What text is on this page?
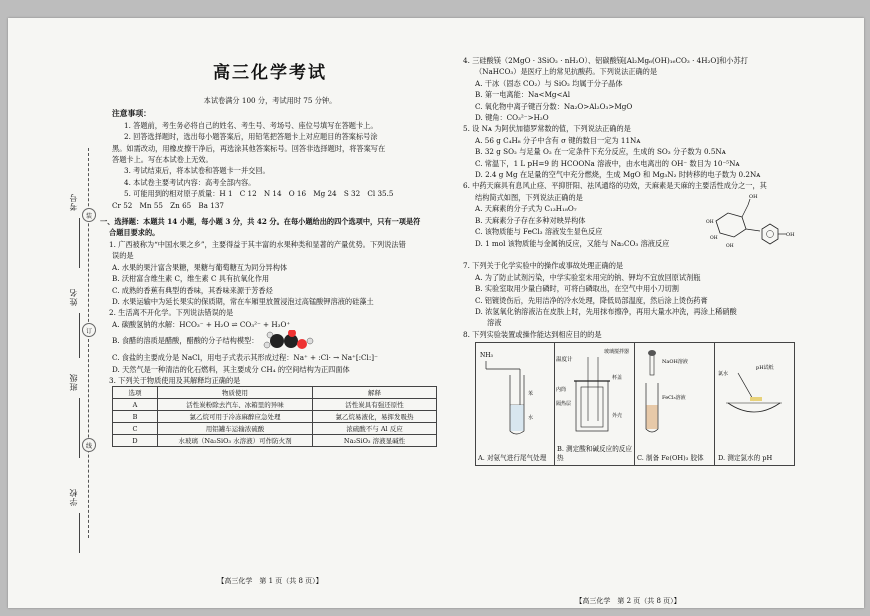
考号
姓名
班级
学校
装
订
线
高三化学考试
本试卷满分 100 分，考试用时 75 分钟。
注意事项：
1. 答题前，考生务必将自己的姓名、考生号、考场号、座位号填写在答题卡上。
2. 回答选择题时，选出每小题答案后，用铅笔把答题卡上对应题目的答案标号涂
黑。如需改动，用橡皮擦干净后，再选涂其他答案标号。回答非选择题时，将答案写在
答题卡上。写在本试卷上无效。
3. 考试结束后，将本试卷和答题卡一并交回。
4. 本试卷主要考试内容：高考全部内容。
5. 可能用到的相对原子质量：H 1　C 12　N 14　O 16　Mg 24　S 32　Cl 35.5
Cr 52　Mn 55　Zn 65　Ba 137
一、选择题：本题共 14 小题，每小题 3 分，共 42 分。在每小题给出的四个选项中，只有一项是符
合题目要求的。
1. 广西被称为“中国水果之乡”，主要得益于其丰富的水果种类和显著的产量优势。下列说法错
误的是
A. 水果的果汁富含果糖，果糖与葡萄糖互为同分异构体
B. 沃柑富含维生素 C，维生素 C 具有抗氧化作用
C. 成熟的香蕉有典型的香味，其香味来源于芳香烃
D. 水果运输中为延长果实的保质期，常在车厢里放置浸泡过高锰酸钾溶液的硅藻土
2. 生活离不开化学。下列说法错误的是
A. 碳酸氢钠的水解：HCO₃⁻ + H₂O ⇌ CO₃²⁻ + H₃O⁺
B. 食醋的溶质是醋酸，醋酸的分子结构模型：
C. 食盐的主要成分是 NaCl，用电子式表示其形成过程：Na⁺ + :Cl· → Na⁺[:Cl:]⁻
D. 天然气是一种清洁的化石燃料，其主要成分 CH₄ 的空间结构为正四面体
3. 下列关于物质使用及其解释均正确的是
选项	物质使用	解释
A	活性炭粉除去汽车、冰箱里的异味	活性炭具有强还原性
B	氯乙烷可用于冷冻麻醉应急处理	氯乙烷易液化，易挥发吸热
C	用铝罐车运输浓硫酸	浓硫酸不与 Al 反应
D	水玻璃（Na₂SiO₃ 水溶液）可作防火剂	Na₂SiO₃ 溶液显碱性
【高三化学　第 1 页（共 8 页）】
4. 三硅酸镁（2MgO · 3SiO₂ · nH₂O）、铝碳酸镁[Al₂Mg₆(OH)₁₆CO₃ · 4H₂O]和小苏打
（NaHCO₃）是医疗上的常见抗酸药。下列说法正确的是
A. 干冰（固态 CO₂）与 SiO₂ 均属于分子晶体
B. 第一电离能：Na<Mg<Al
C. 氧化物中离子键百分数：Na₂O>Al₂O₃>MgO
D. 键角：CO₃²⁻>H₂O
5. 设 Nᴀ 为阿伏加德罗常数的值，下列说法正确的是
A. 56 g C₄H₈ 分子中含有 σ 键的数目一定为 11Nᴀ
B. 32 g SO₂ 与足量 O₂ 在一定条件下充分反应，生成的 SO₃ 分子数为 0.5Nᴀ
C. 常温下，1 L pH=9 的 HCOONa 溶液中，由水电离出的 OH⁻ 数目为 10⁻⁵Nᴀ
D. 2.4 g Mg 在足量的空气中充分燃烧，生成 MgO 和 Mg₃N₂ 时转移的电子数为 0.2Nᴀ
6. 中药天麻具有息风止痉、平抑肝阳、祛风通络的功效，天麻素是天麻的主要活性成分之一，其
结构简式如图，下列说法正确的是
A. 天麻素的分子式为 C₁₃H₁₈O₇
B. 天麻素分子存在多种对映异构体
C. 该物质能与 FeCl₃ 溶液发生显色反应
D. 1 mol 该物质能与金属钠反应，又能与 Na₂CO₃ 溶液反应
OH
OH
OH
OH
OH
7. 下列关于化学实验中的操作或事故处理正确的是
A. 为了防止试剂污染，中学实验室未用完的钠、钾均不宜放回原试剂瓶
B. 实验室取用少量白磷时，可将白磷取出，在空气中用小刀切割
C. 铝镀烫伤后，先用洁净的冷水处理，降低局部温度，然后涂上烫伤药膏
D. 浓氢氧化钠溶液沾在皮肤上时，先用抹布擦净，再用大量水冲洗，再涂上稀硝酸
溶液
8. 下列实验装置或操作能达到相应目的的是
NH₃
苯
水
A. 对氨气进行尾气处理
温度计
玻璃搅拌器
杯盖
内筒
隔热层
外壳
B. 测定酸和碱反应的反应热
NaOH溶液
FeCl₃溶液
C. 制备 Fe(OH)₃ 胶体
氯水
pH试纸
D. 测定氯水的 pH
【高三化学　第 2 页（共 8 页）】
